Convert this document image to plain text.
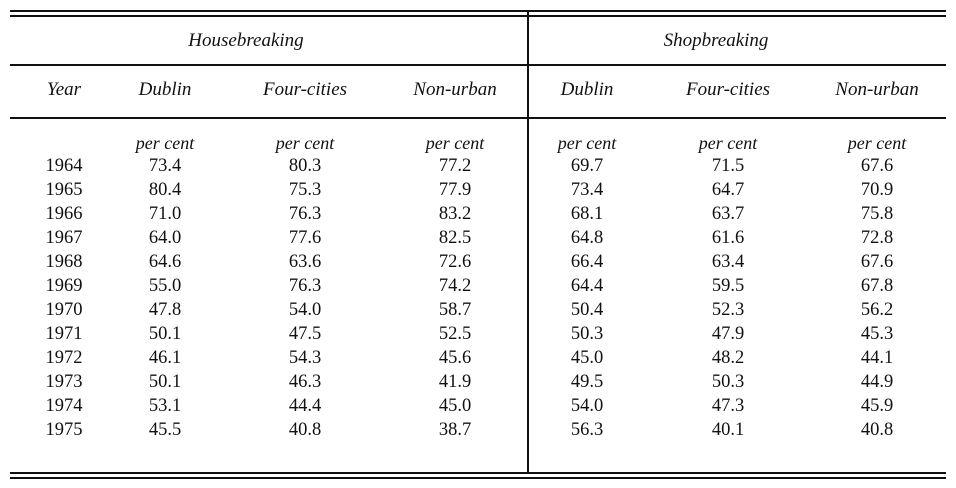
Housebreaking	Shopbreaking
Year	Dublin	Four-cities	Non-urban	Dublin	Four-cities	Non-urban
per cent	per cent	per cent	per cent	per cent	per cent
1964	73.4	80.3	77.2	69.7	71.5	67.6
1965	80.4	75.3	77.9	73.4	64.7	70.9
1966	71.0	76.3	83.2	68.1	63.7	75.8
1967	64.0	77.6	82.5	64.8	61.6	72.8
1968	64.6	63.6	72.6	66.4	63.4	67.6
1969	55.0	76.3	74.2	64.4	59.5	67.8
1970	47.8	54.0	58.7	50.4	52.3	56.2
1971	50.1	47.5	52.5	50.3	47.9	45.3
1972	46.1	54.3	45.6	45.0	48.2	44.1
1973	50.1	46.3	41.9	49.5	50.3	44.9
1974	53.1	44.4	45.0	54.0	47.3	45.9
1975	45.5	40.8	38.7	56.3	40.1	40.8
